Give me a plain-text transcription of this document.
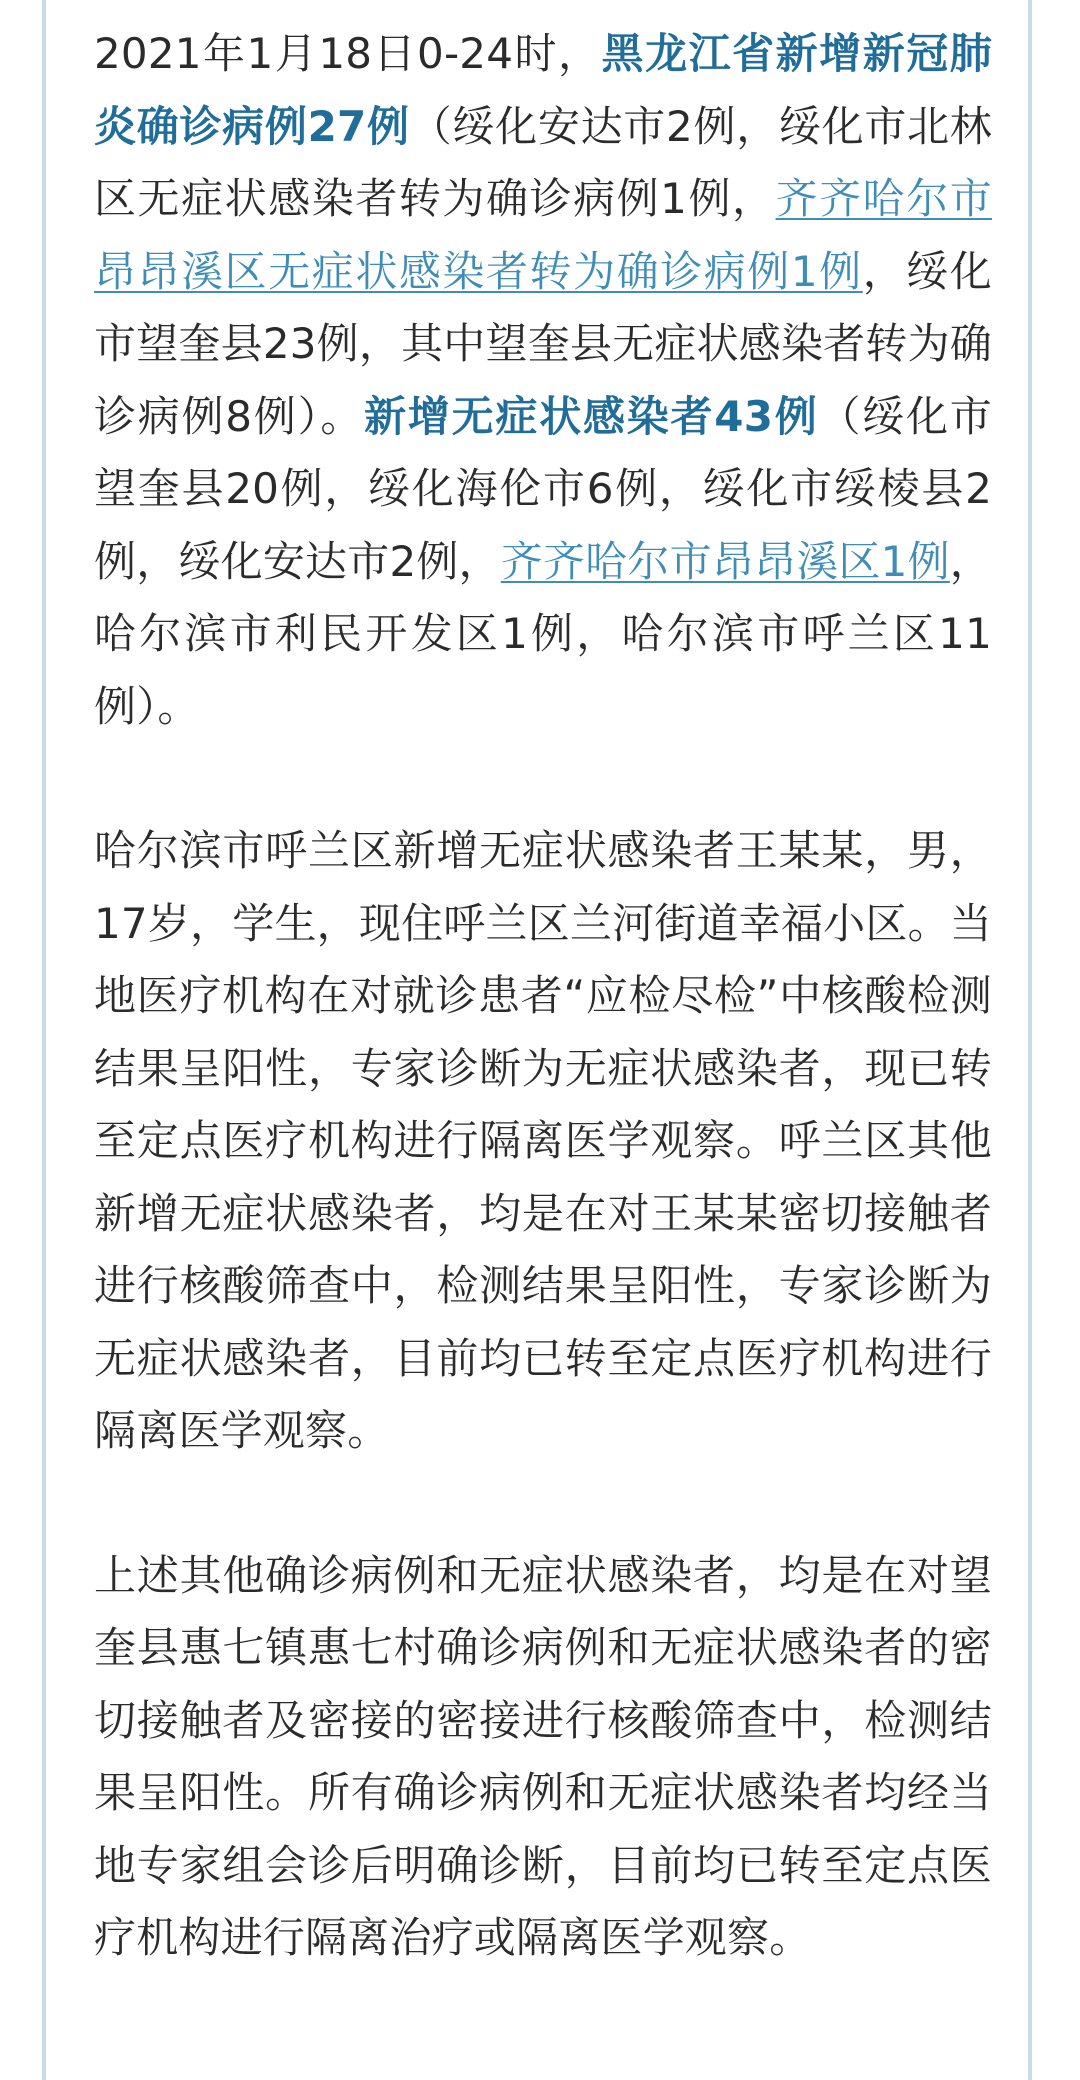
2021年1月18日0-24时，黑龙江省新增新冠肺炎确诊病例27例（绥化安达市2例，绥化市北林区无症状感染者转为确诊病例1例，齐齐哈尔市昂昂溪区无症状感染者转为确诊病例1例，绥化市望奎县23例，其中望奎县无症状感染者转为确诊病例8例）。新增无症状感染者43例（绥化市望奎县20例，绥化海伦市6例，绥化市绥棱县2例，绥化安达市2例，齐齐哈尔市昂昂溪区1例，哈尔滨市利民开发区1例，哈尔滨市呼兰区11例）。

哈尔滨市呼兰区新增无症状感染者王某某，男，17岁，学生，现住呼兰区兰河街道幸福小区。当地医疗机构在对就诊患者“应检尽检”中核酸检测结果呈阳性，专家诊断为无症状感染者，现已转至定点医疗机构进行隔离医学观察。呼兰区其他新增无症状感染者，均是在对王某某密切接触者进行核酸筛查中，检测结果呈阳性，专家诊断为无症状感染者，目前均已转至定点医疗机构进行隔离医学观察。

上述其他确诊病例和无症状感染者，均是在对望奎县惠七镇惠七村确诊病例和无症状感染者的密切接触者及密接的密接进行核酸筛查中，检测结果呈阳性。所有确诊病例和无症状感染者均经当地专家组会诊后明确诊断，目前均已转至定点医疗机构进行隔离治疗或隔离医学观察。
